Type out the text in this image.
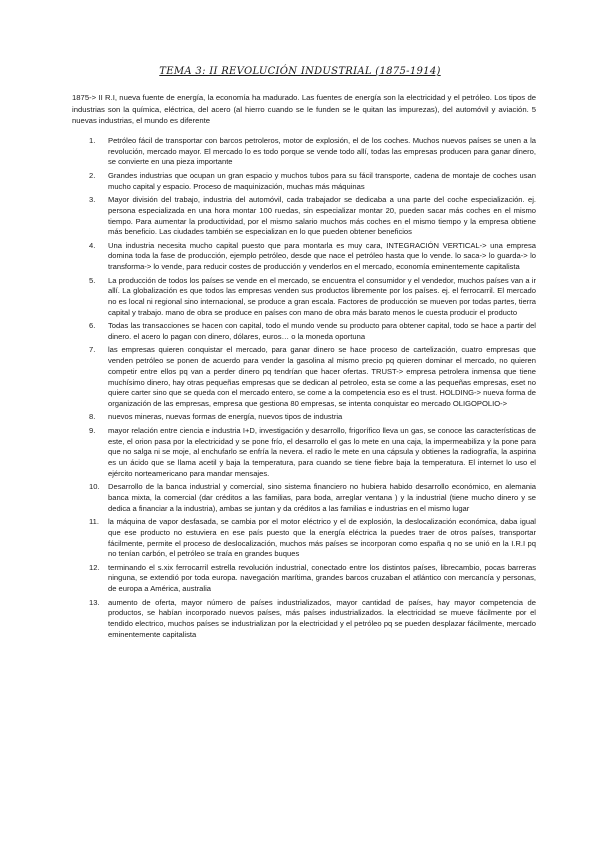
TEMA 3: II REVOLUCIÓN INDUSTRIAL (1875-1914)

1875-> II R.I, nueva fuente de energía, la economía ha madurado. Las fuentes de energía son la electricidad y el petróleo. Los tipos de industrias son la química, eléctrica, del acero (al hierro cuando se le funden se le quitan las impurezas), del automóvil y aviación. 5 nuevas industrias, el mundo es diferente

1.	Petróleo fácil de transportar con barcos petroleros, motor de explosión, el de los coches. Muchos nuevos países se unen a la revolución, mercado mayor. El mercado lo es todo porque se vende todo allí, todas las empresas producen para ganar dinero, se convierte en una pieza importante
2.	Grandes industrias que ocupan un gran espacio y muchos tubos para su fácil transporte, cadena de montaje de coches usan mucho capital y espacio. Proceso de maquinización, muchas más máquinas
3.	Mayor división del trabajo, industria del automóvil, cada trabajador se dedicaba a una parte del coche especialización. ej. persona especializada en una hora montar 100 ruedas, sin especializar montar 20, pueden sacar más coches en el mismo tiempo. Para aumentar la productividad, por el mismo salario muchos más coches en el mismo tiempo y la empresa obtiene más beneficio. Las ciudades también se especializan en lo que pueden obtener beneficios
4.	Una industria necesita mucho capital puesto que para montarla es muy cara, INTEGRACIÓN VERTICAL-> una empresa domina toda la fase de producción, ejemplo petróleo, desde que nace el petróleo hasta que lo vende. lo saca-> lo guarda-> lo transforma-> lo vende, para reducir costes de producción y venderlos en el mercado, economía eminentemente capitalista
5.	La producción de todos los países se vende en el mercado, se encuentra el consumidor y el vendedor, muchos países van a ir allí. La globalización es que todos las empresas venden sus productos libremente por los países. ej. el ferrocarril. El mercado no es local ni regional sino internacional, se produce a gran escala. Factores de producción se mueven por todas partes, tierra capital y trabajo. mano de obra se produce en países con mano de obra más barato menos le cuesta producir el producto
6.	Todas las transacciones se hacen con capital, todo el mundo vende su producto para obtener capital, todo se hace a partir del dinero. el acero lo pagan con dinero, dólares, euros… o la moneda oportuna
7.	las empresas quieren conquistar el mercado, para ganar dinero se hace proceso de cartelización, cuatro empresas que venden petróleo se ponen de acuerdo para vender la gasolina al mismo precio pq quieren dominar el mercado, no quieren competir entre ellos pq van a perder dinero pq tendrían que hacer ofertas. TRUST-> empresa petrolera inmensa que tiene muchísimo dinero, hay otras pequeñas empresas que se dedican al petroleo, esta se come a las pequeñas empresas, eset no quiere carter sino que se queda con el mercado entero, se come a la competencia eso es el trust. HOLDING-> nueva forma de organización de las empresas, empresa que gestiona 80 empresas, se intenta conquistar eo mercado OLIGOPOLIO->
8.	nuevos mineras, nuevas formas de energía, nuevos tipos de industria
9.	mayor relación entre ciencia e industria I+D, investigación y desarrollo, frigorífico lleva un gas, se conoce las características de este, el orion pasa por la electricidad y se pone frío, el desarrollo el gas lo mete en una caja, la impermeabiliza y la pone para que no salga ni se moje, al enchufarlo se enfría la nevera. el radio le mete en una cápsula y obtienes la radiografía, la aspirina es un ácido que se llama acetil y baja la temperatura, para cuando se tiene fiebre baja la temperatura. El internet lo uso el ejército norteamericano para mandar mensajes.
10.	Desarrollo de la banca industrial y comercial, sino sistema financiero no hubiera habido desarrollo económico, en alemania banca mixta, la comercial (dar créditos a las familias, para boda, arreglar ventana ) y la industrial (tiene mucho dinero y se dedica a financiar a la industria), ambas se juntan y da créditos a las familias e industrias en el mismo lugar
11.	la máquina de vapor desfasada, se cambia por el motor eléctrico y el de explosión, la deslocalización económica, daba igual que ese producto no estuviera en ese país puesto que la energía eléctrica la puedes traer de otros países, transportar fácilmente, permite el proceso de deslocalización, muchos más países se incorporan como españa q no se unió en la I.R.I pq no tenían carbón, el petróleo se traía en grandes buques
12.	terminando el s.xix ferrocarril estrella revolución industrial, conectado entre los distintos países, librecambio, pocas barreras ninguna, se extendió por toda europa. navegación marítima, grandes barcos cruzaban el atlántico con mercancía y personas, de europa a América, australia
13.	aumento de oferta, mayor número de países industrializados, mayor cantidad de países, hay mayor competencia de productos, se habían incorporado nuevos países, más países industrializados. la electricidad se mueve fácilmente por el tendido electrico, muchos países se industrializan por la electricidad y el petróleo pq se pueden desplazar fácilmente, mercado eminentemente capitalista
